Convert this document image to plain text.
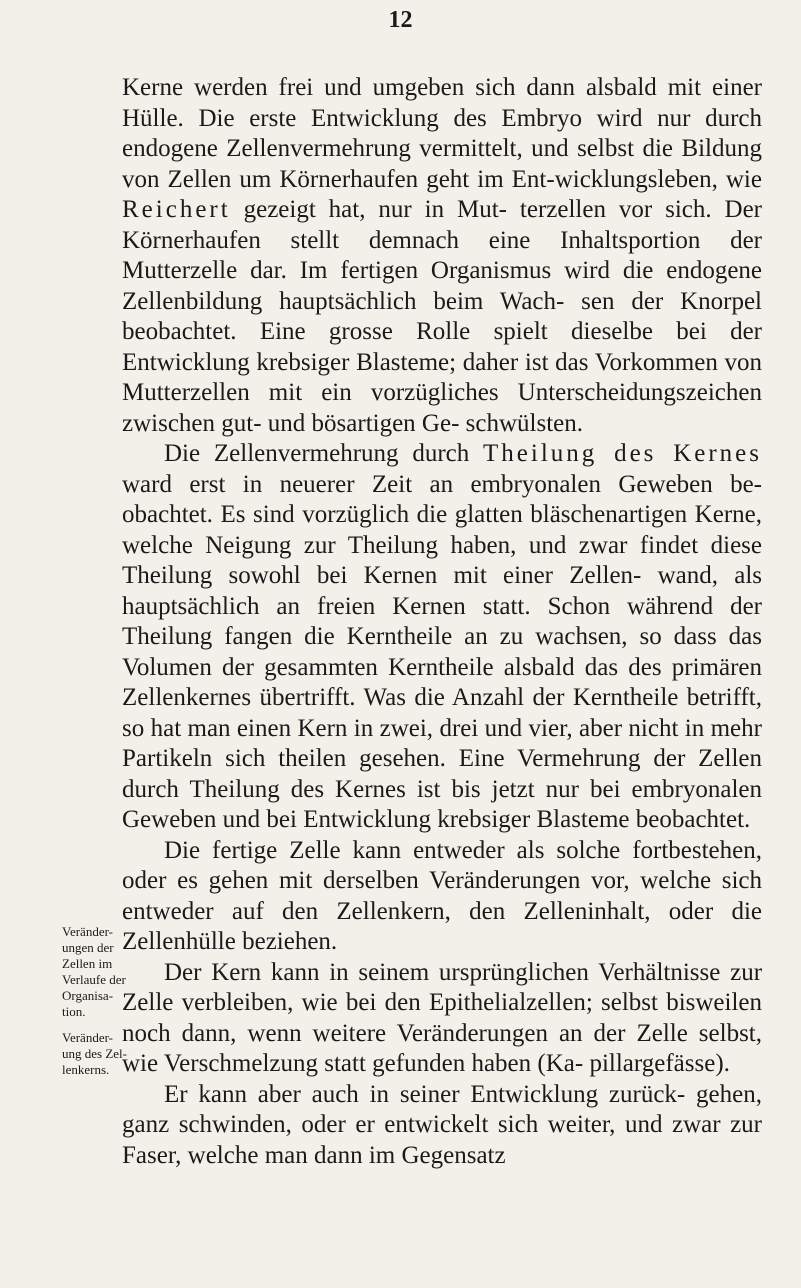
12

Kerne werden frei und umgeben sich dann alsbald mit einer Hülle. Die erste Entwicklung des Embryo wird nur durch endogene Zellenvermehrung vermittelt, und selbst die Bildung von Zellen um Körnerhaufen geht im Ent-wicklungsleben, wie Reichert gezeigt hat, nur in Mut- terzellen vor sich. Der Körnerhaufen stellt demnach eine Inhaltsportion der Mutterzelle dar. Im fertigen Organismus wird die endogene Zellenbildung hauptsächlich beim Wach- sen der Knorpel beobachtet. Eine grosse Rolle spielt dieselbe bei der Entwicklung krebsiger Blasteme; daher ist das Vorkommen von Mutterzellen mit ein vorzügliches Unterscheidungszeichen zwischen gut- und bösartigen Ge- schwülsten.

Die Zellenvermehrung durch Theilung des Kernes ward erst in neuerer Zeit an embryonalen Geweben be- obachtet. Es sind vorzüglich die glatten bläschenartigen Kerne, welche Neigung zur Theilung haben, und zwar findet diese Theilung sowohl bei Kernen mit einer Zellen- wand, als hauptsächlich an freien Kernen statt. Schon während der Theilung fangen die Kerntheile an zu wachsen, so dass das Volumen der gesammten Kerntheile alsbald das des primären Zellenkernes übertrifft. Was die Anzahl der Kerntheile betrifft, so hat man einen Kern in zwei, drei und vier, aber nicht in mehr Partikeln sich theilen gesehen. Eine Vermehrung der Zellen durch Theilung des Kernes ist bis jetzt nur bei embryonalen Geweben und bei Entwicklung krebsiger Blasteme beobachtet.

Die fertige Zelle kann entweder als solche fortbestehen, oder es gehen mit derselben Veränderungen vor, welche sich entweder auf den Zellenkern, den Zelleninhalt, oder die Zellenhülle beziehen.

Der Kern kann in seinem ursprünglichen Verhältnisse zur Zelle verbleiben, wie bei den Epithelialzellen; selbst bisweilen noch dann, wenn weitere Veränderungen an der Zelle selbst, wie Verschmelzung statt gefunden haben (Ka- pillargefässe).

Er kann aber auch in seiner Entwicklung zurück- gehen, ganz schwinden, oder er entwickelt sich weiter, und zwar zur Faser, welche man dann im Gegensatz

Veränder-
ungen der
Zellen im
Verlaufe der
Organisa-
tion.
Veränder-
ung des Zel-
lenkerns.
